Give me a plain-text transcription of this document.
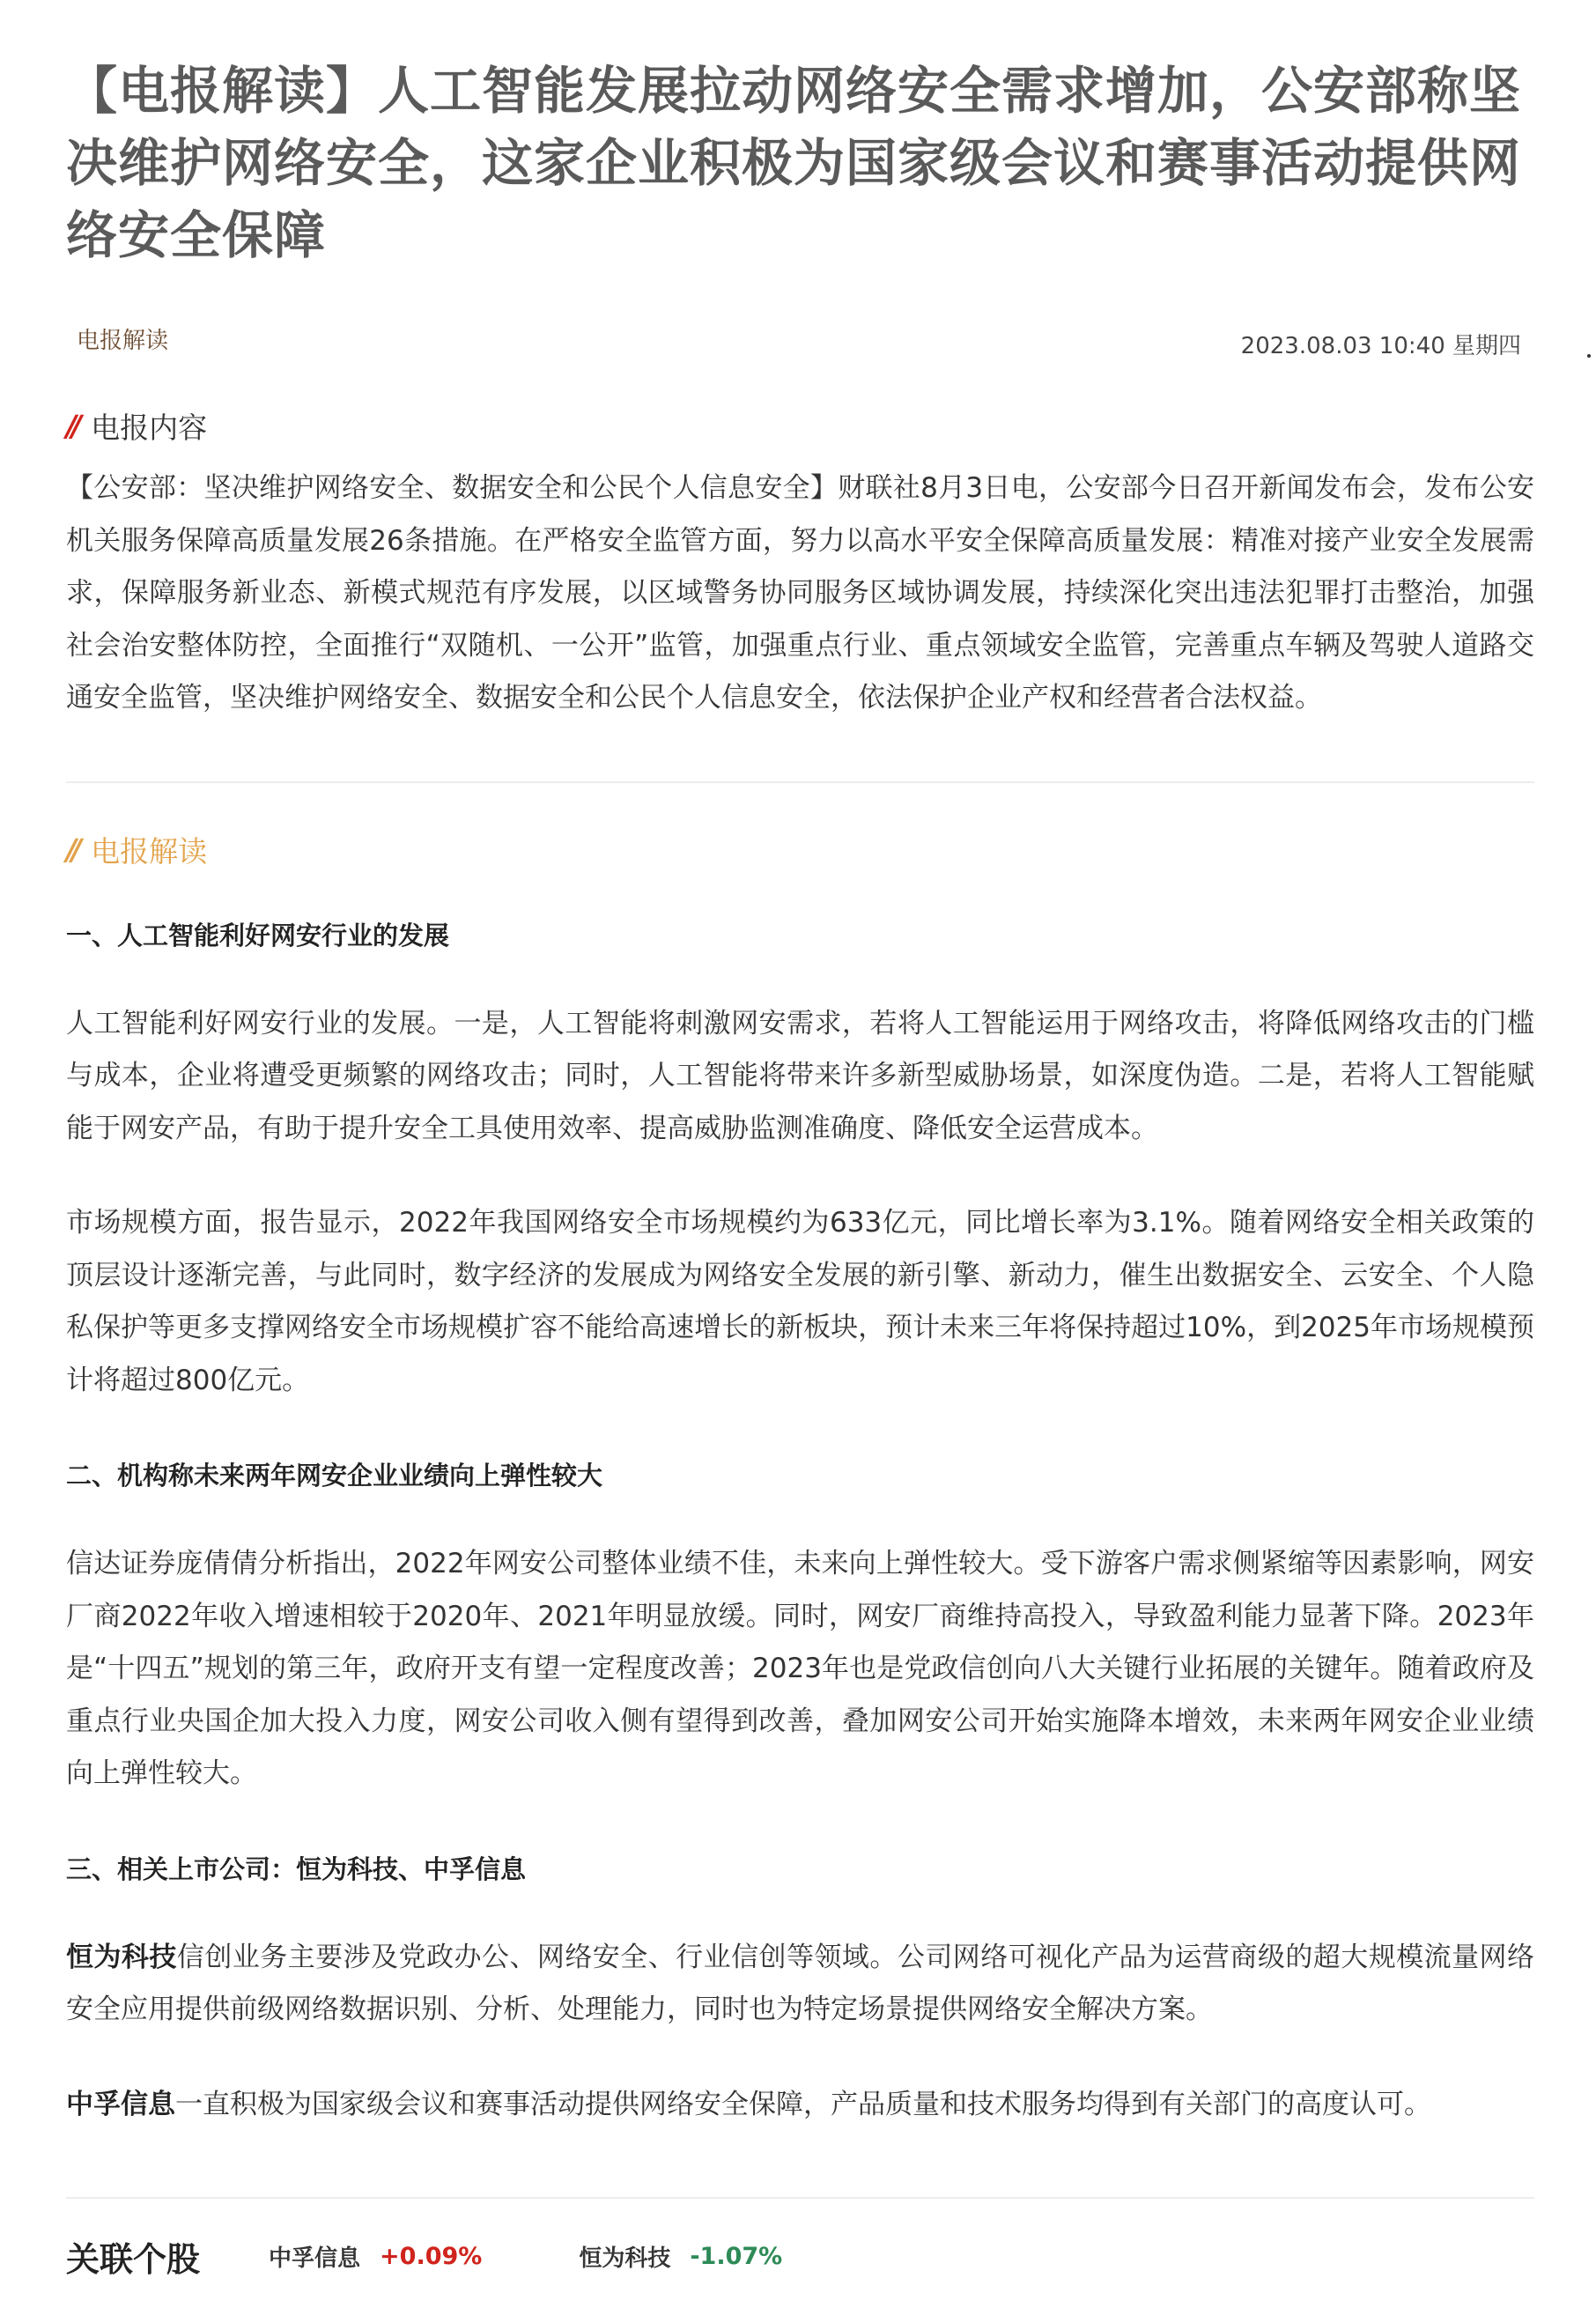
【电报解读】人工智能发展拉动网络安全需求增加，公安部称坚决维护网络安全，这家企业积极为国家级会议和赛事活动提供网络安全保障
电报解读	2023.08.03 10:40 星期四
// 电报内容

【公安部：坚决维护网络安全、数据安全和公民个人信息安全】财联社8月3日电，公安部今日召开新闻发布会，发布公安机关服务保障高质量发展26条措施。在严格安全监管方面，努力以高水平安全保障高质量发展：精准对接产业安全发展需求，保障服务新业态、新模式规范有序发展，以区域警务协同服务区域协调发展，持续深化突出违法犯罪打击整治，加强社会治安整体防控，全面推行“双随机、一公开”监管，加强重点行业、重点领域安全监管，完善重点车辆及驾驶人道路交通安全监管，坚决维护网络安全、数据安全和公民个人信息安全，依法保护企业产权和经营者合法权益。

// 电报解读
一、人工智能利好网安行业的发展

人工智能利好网安行业的发展。一是，人工智能将刺激网安需求，若将人工智能运用于网络攻击，将降低网络攻击的门槛与成本，企业将遭受更频繁的网络攻击；同时，人工智能将带来许多新型威胁场景，如深度伪造。二是，若将人工智能赋能于网安产品，有助于提升安全工具使用效率、提高威胁监测准确度、降低安全运营成本。

市场规模方面，报告显示，2022年我国网络安全市场规模约为633亿元，同比增长率为3.1%。随着网络安全相关政策的顶层设计逐渐完善，与此同时，数字经济的发展成为网络安全发展的新引擎、新动力，催生出数据安全、云安全、个人隐私保护等更多支撑网络安全市场规模扩容不能给高速增长的新板块，预计未来三年将保持超过10%，到2025年市场规模预计将超过800亿元。

二、机构称未来两年网安企业业绩向上弹性较大

信达证券庞倩倩分析指出，2022年网安公司整体业绩不佳，未来向上弹性较大。受下游客户需求侧紧缩等因素影响，网安厂商2022年收入增速相较于2020年、2021年明显放缓。同时，网安厂商维持高投入，导致盈利能力显著下降。2023年是“十四五”规划的第三年，政府开支有望一定程度改善；2023年也是党政信创向八大关键行业拓展的关键年。随着政府及重点行业央国企加大投入力度，网安公司收入侧有望得到改善，叠加网安公司开始实施降本增效，未来两年网安企业业绩向上弹性较大。

三、相关上市公司：恒为科技、中孚信息

恒为科技信创业务主要涉及党政办公、网络安全、行业信创等领域。公司网络可视化产品为运营商级的超大规模流量网络安全应用提供前级网络数据识别、分析、处理能力，同时也为特定场景提供网络安全解决方案。

中孚信息一直积极为国家级会议和赛事活动提供网络安全保障，产品质量和技术服务均得到有关部门的高度认可。

关联个股	中孚信息 +0.09%	恒为科技 -1.07%
